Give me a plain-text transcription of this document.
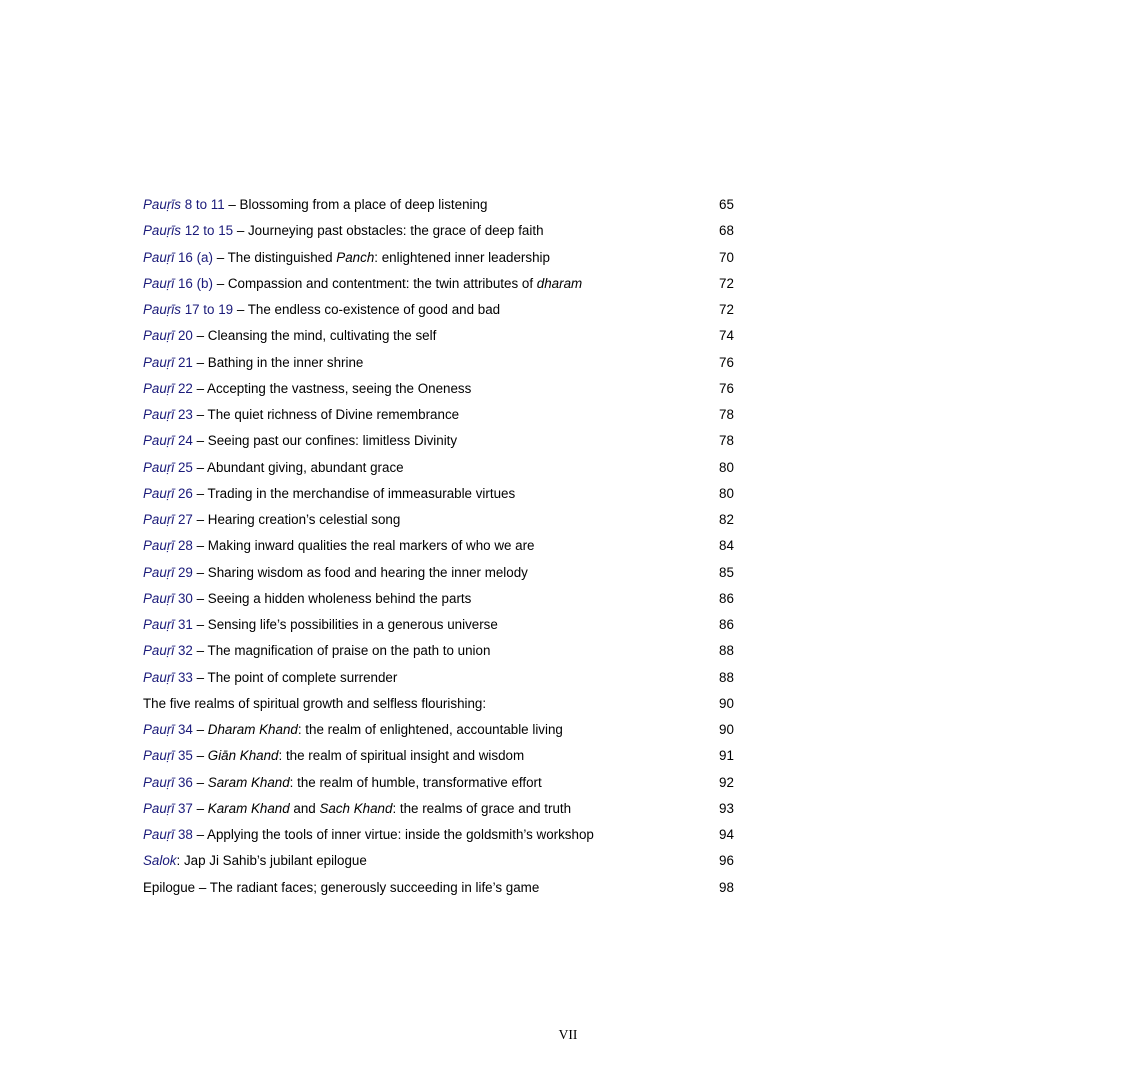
Pauṛīs 8 to 11 – Blossoming from a place of deep listening	65
Pauṛīs 12 to 15 – Journeying past obstacles: the grace of deep faith	68
Pauṛī 16 (a) – The distinguished Panch: enlightened inner leadership	70
Pauṛī 16 (b) – Compassion and contentment: the twin attributes of dharam	72
Pauṛīs 17 to 19 – The endless co-existence of good and bad	72
Pauṛī 20 – Cleansing the mind, cultivating the self	74
Pauṛī 21 – Bathing in the inner shrine	76
Pauṛī 22 – Accepting the vastness, seeing the Oneness	76
Pauṛī 23 – The quiet richness of Divine remembrance	78
Pauṛī 24 – Seeing past our confines: limitless Divinity	78
Pauṛī 25 – Abundant giving, abundant grace	80
Pauṛī 26 – Trading in the merchandise of immeasurable virtues	80
Pauṛī 27 – Hearing creation’s celestial song	82
Pauṛī 28 – Making inward qualities the real markers of who we are	84
Pauṛī 29 – Sharing wisdom as food and hearing the inner melody	85
Pauṛī 30 – Seeing a hidden wholeness behind the parts	86
Pauṛī 31 – Sensing life’s possibilities in a generous universe	86
Pauṛī 32 – The magnification of praise on the path to union	88
Pauṛī 33 – The point of complete surrender	88
The five realms of spiritual growth and selfless flourishing:	90
Pauṛī 34 – Dharam Khand: the realm of enlightened, accountable living	90
Pauṛī 35 – Giān Khand: the realm of spiritual insight and wisdom	91
Pauṛī 36 – Saram Khand: the realm of humble, transformative effort	92
Pauṛī 37 – Karam Khand and Sach Khand: the realms of grace and truth	93
Pauṛī 38 – Applying the tools of inner virtue: inside the goldsmith’s workshop	94
Salok: Jap Ji Sahib’s jubilant epilogue	96
Epilogue – The radiant faces; generously succeeding in life’s game	98
VII
